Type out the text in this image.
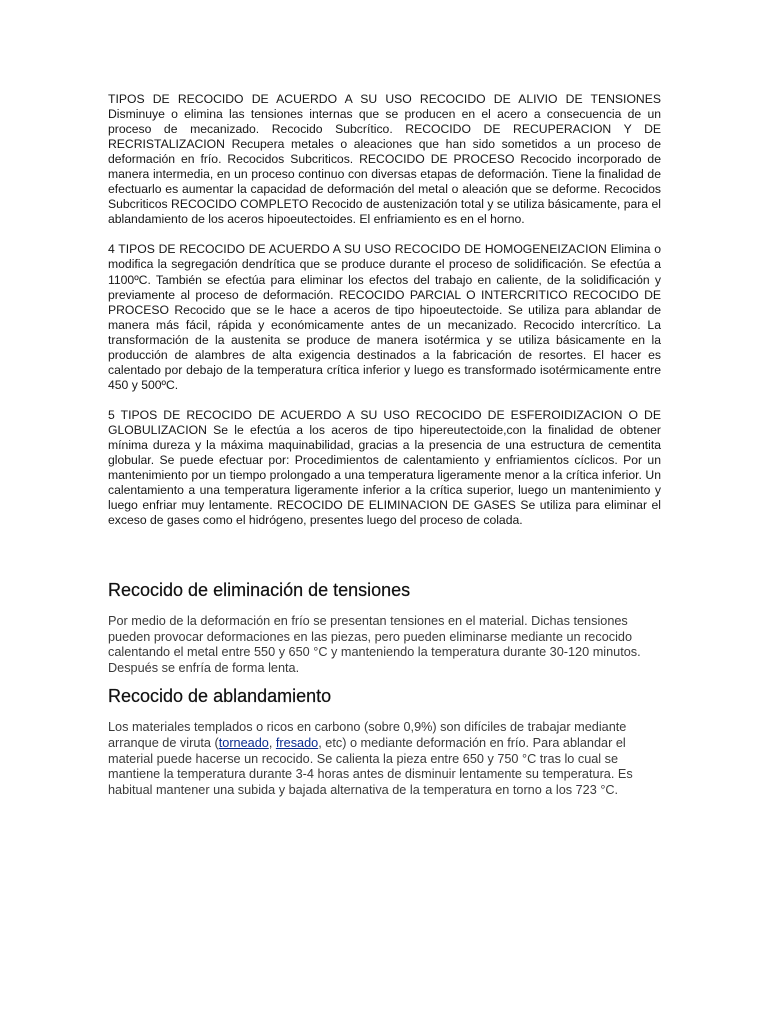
TIPOS DE RECOCIDO DE ACUERDO A SU USO RECOCIDO DE ALIVIO DE TENSIONES Disminuye o elimina las tensiones internas que se producen en el acero a consecuencia de un proceso de mecanizado. Recocido Subcrítico. RECOCIDO DE RECUPERACION Y DE RECRISTALIZACION Recupera metales o aleaciones que han sido sometidos a un proceso de deformación en frío. Recocidos Subcriticos. RECOCIDO DE PROCESO Recocido incorporado de manera intermedia, en un proceso continuo con diversas etapas de deformación. Tiene la finalidad de efectuarlo es aumentar la capacidad de deformación del metal o aleación que se deforme. Recocidos Subcriticos RECOCIDO COMPLETO Recocido de austenización total y se utiliza básicamente, para el ablandamiento de los aceros hipoeutectoides. El enfriamiento es en el horno.

4 TIPOS DE RECOCIDO DE ACUERDO A SU USO RECOCIDO DE HOMOGENEIZACION Elimina o modifica la segregación dendrítica que se produce durante el proceso de solidificación. Se efectúa a 1100ºC. También se efectúa para eliminar los efectos del trabajo en caliente, de la solidificación y previamente al proceso de deformación. RECOCIDO PARCIAL O INTERCRITICO RECOCIDO DE PROCESO Recocido que se le hace a aceros de tipo hipoeutectoide. Se utiliza para ablandar de manera más fácil, rápida y económicamente antes de un mecanizado. Recocido intercrítico. La transformación de la austenita se produce de manera isotérmica y se utiliza básicamente en la producción de alambres de alta exigencia destinados a la fabricación de resortes. El hacer es calentado por debajo de la temperatura crítica inferior y luego es transformado isotérmicamente entre 450 y 500ºC.

5 TIPOS DE RECOCIDO DE ACUERDO A SU USO RECOCIDO DE ESFEROIDIZACION O DE GLOBULIZACION Se le efectúa a los aceros de tipo hipereutectoide,con la finalidad de obtener mínima dureza y la máxima maquinabilidad, gracias a la presencia de una estructura de cementita globular. Se puede efectuar por: Procedimientos de calentamiento y enfriamientos cíclicos. Por un mantenimiento por un tiempo prolongado a una temperatura ligeramente menor a la crítica inferior. Un calentamiento a una temperatura ligeramente inferior a la crítica superior, luego un mantenimiento y luego enfriar muy lentamente. RECOCIDO DE ELIMINACION DE GASES Se utiliza para eliminar el exceso de gases como el hidrógeno, presentes luego del proceso de colada.

Recocido de eliminación de tensiones

Por medio de la deformación en frío se presentan tensiones en el material. Dichas tensiones pueden provocar deformaciones en las piezas, pero pueden eliminarse mediante un recocido calentando el metal entre 550 y 650 °C y manteniendo la temperatura durante 30-120 minutos. Después se enfría de forma lenta.

Recocido de ablandamiento

Los materiales templados o ricos en carbono (sobre 0,9%) son difíciles de trabajar mediante arranque de viruta (torneado, fresado, etc) o mediante deformación en frío. Para ablandar el material puede hacerse un recocido. Se calienta la pieza entre 650 y 750 °C tras lo cual se mantiene la temperatura durante 3-4 horas antes de disminuir lentamente su temperatura. Es habitual mantener una subida y bajada alternativa de la temperatura en torno a los 723 °C.
